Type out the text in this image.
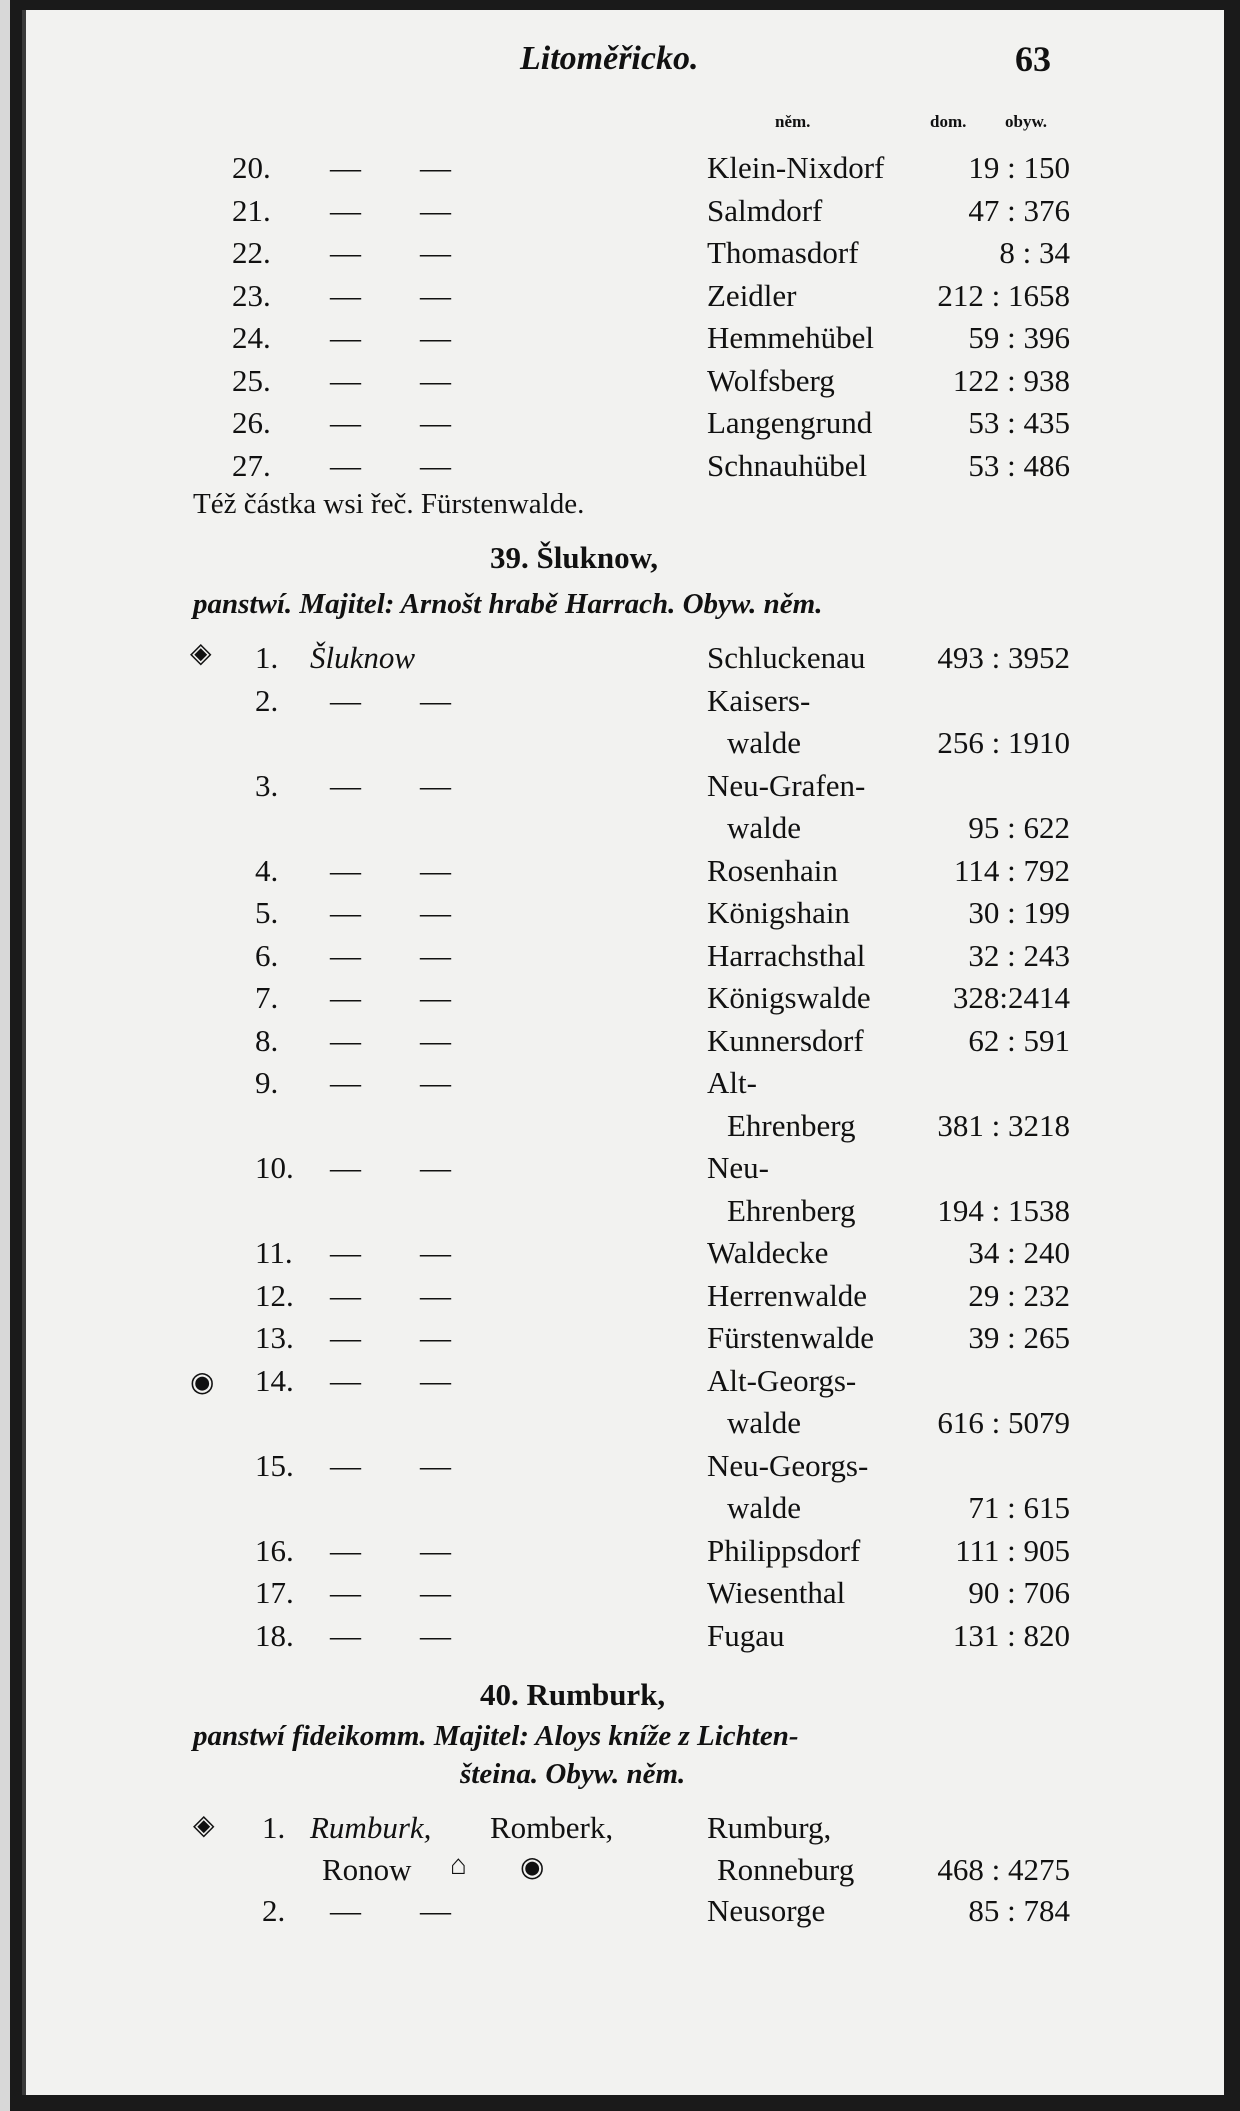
Litoměřicko.	63
něm.	dom. obyw.
20. — —	Klein-Nixdorf	19 : 150
21. — —	Salmdorf	47 : 376
22. — —	Thomasdorf	8 : 34
23. — —	Zeidler	212 : 1658
24. — —	Hemmehübel	59 : 396
25. — —	Wolfsberg	122 : 938
26. — —	Langengrund	53 : 435
27. — —	Schnauhübel	53 : 486
Též částka wsi řeč. Fürstenwalde.
39. Šluknow,
panstwí. Majitel: Arnošt hrabě Harrach. Obyw. něm.
◈ 1. Šluknow	Schluckenau	493 : 3952
2. — —	Kaisers-
walde	256 : 1910
3. — —	Neu-Grafen-
walde	95 : 622
4. — —	Rosenhain	114 : 792
5. — —	Königshain	30 : 199
6. — —	Harrachsthal	32 : 243
7. — —	Königswalde	328:2414
8. — —	Kunnersdorf	62 : 591
9. — —	Alt-
Ehrenberg	381 : 3218
10. — —	Neu-
Ehrenberg	194 : 1538
11. — —	Waldecke	34 : 240
12. — —	Herrenwalde	29 : 232
13. — —	Fürstenwalde	39 : 265
14. — —	Alt-Georgs-
walde	616 : 5079
◉
15. — —	Neu-Georgs-
walde	71 : 615
16. — —	Philippsdorf	111 : 905
17. — —	Wiesenthal	90 : 706
18. — —	Fugau	131 : 820
40. Rumburk,
panstwí fideikomm. Majitel: Aloys kníže z Lichten-
šteina. Obyw. něm.
◈ 1. Rumburk, Romberk,	Rumburg,
Ronow ⌂ ◉	Ronneburg	468 : 4275
2. — —	Neusorge	85 : 784
